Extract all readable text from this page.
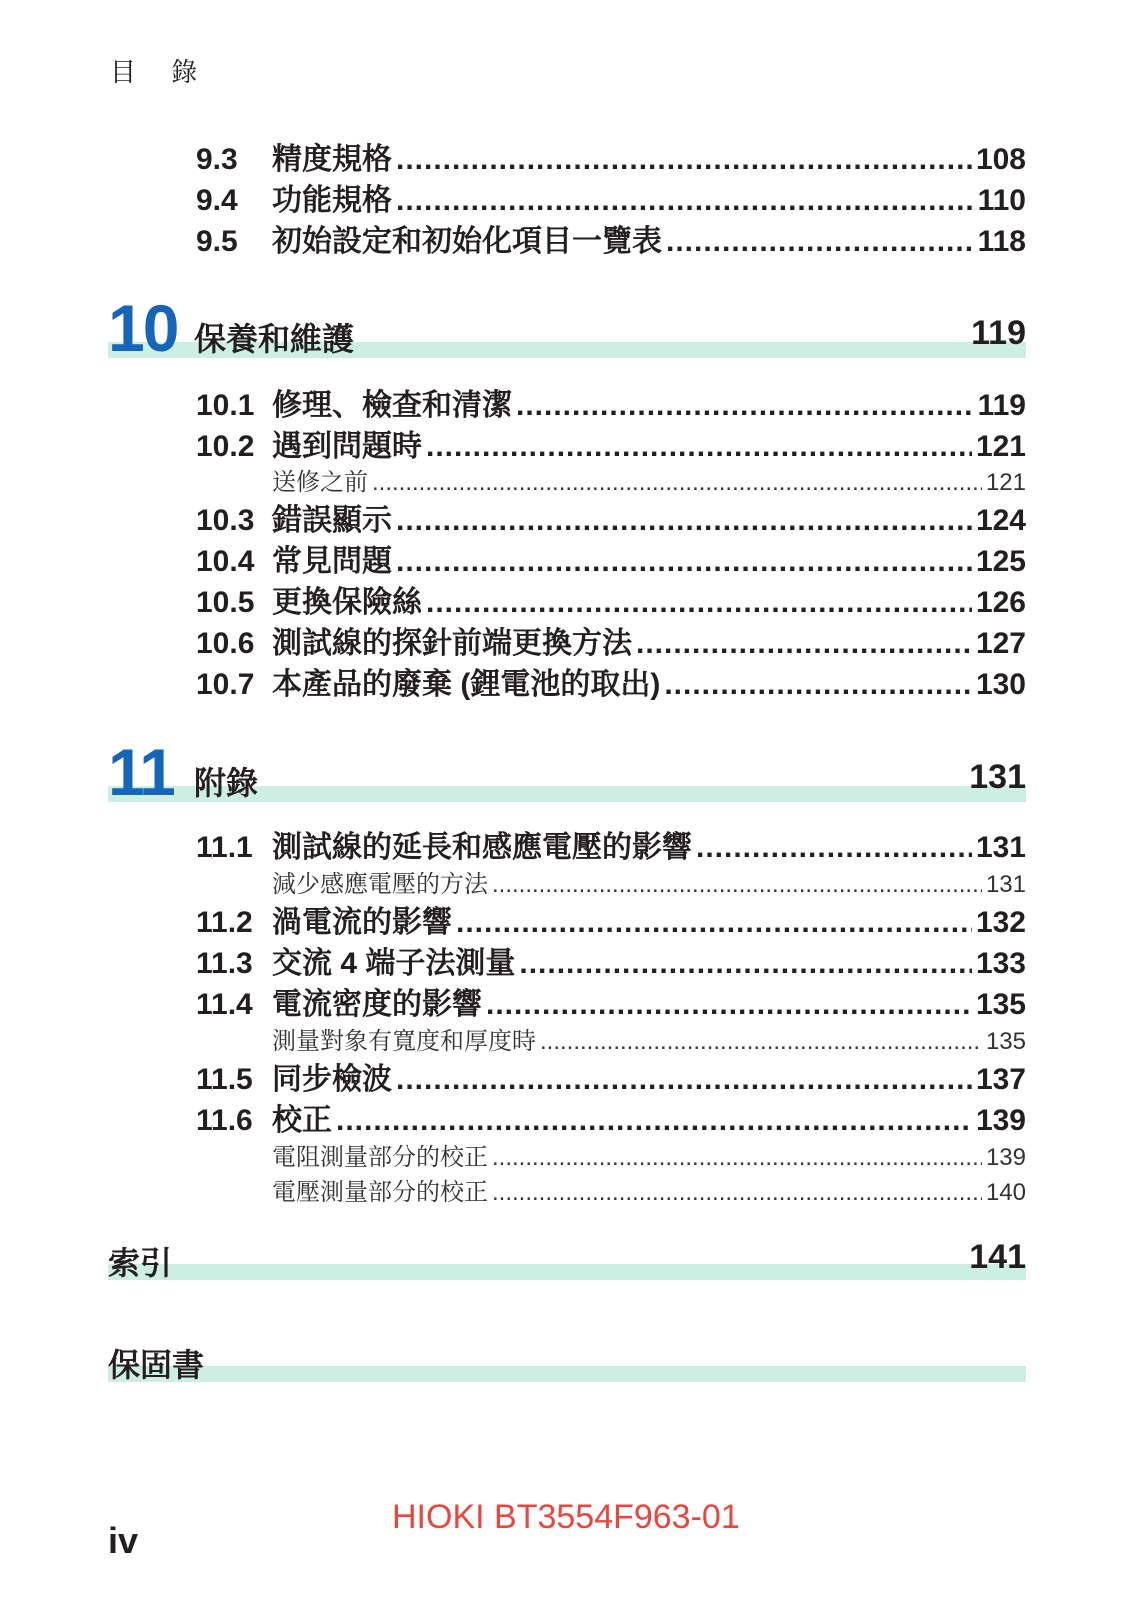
目 錄
9.3	精度規格 .....	108
9.4	功能規格 .....	110
9.5	初始設定和初始化項目一覽表 .....	118
10 保養和維護	119
10.1 修理、檢查和清潔 .....	119
10.2 遇到問題時 .....	121
送修之前 .....	121
10.3 錯誤顯示 .....	124
10.4 常見問題 .....	125
10.5 更換保險絲 .....	126
10.6 測試線的探針前端更換方法 .....	127
10.7 本產品的廢棄 (鋰電池的取出) .....	130
11 附錄	131
11.1 測試線的延長和感應電壓的影響 .....	131
減少感應電壓的方法 .....	131
11.2 渦電流的影響 .....	132
11.3 交流 4 端子法測量 .....	133
11.4 電流密度的影響 .....	135
測量對象有寬度和厚度時 .....	135
11.5 同步檢波 .....	137
11.6 校正 .....	139
電阻測量部分的校正 .....	139
電壓測量部分的校正 .....	140
索引	141
保固書
iv
HIOKI BT3554F963-01
